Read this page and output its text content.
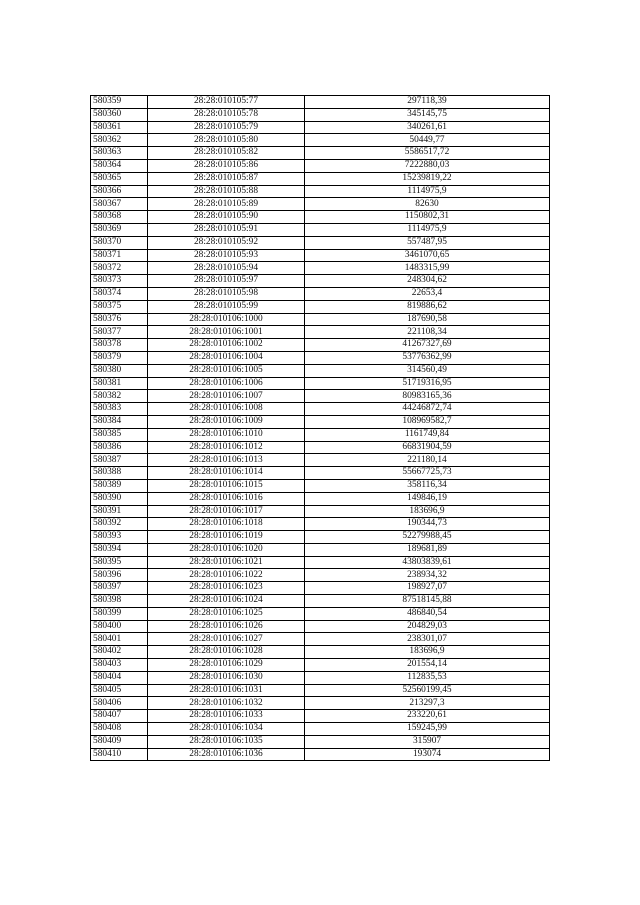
580359	28:28:010105:77	297118,39
580360	28:28:010105:78	345145,75
580361	28:28:010105:79	340261,61
580362	28:28:010105:80	50449,77
580363	28:28:010105:82	5586517,72
580364	28:28:010105:86	7222880,03
580365	28:28:010105:87	15239819,22
580366	28:28:010105:88	1114975,9
580367	28:28:010105:89	82630
580368	28:28:010105:90	1150802,31
580369	28:28:010105:91	1114975,9
580370	28:28:010105:92	557487,95
580371	28:28:010105:93	3461070,65
580372	28:28:010105:94	1483315,99
580373	28:28:010105:97	248304,62
580374	28:28:010105:98	22653,4
580375	28:28:010105:99	819886,62
580376	28:28:010106:1000	187690,58
580377	28:28:010106:1001	221108,34
580378	28:28:010106:1002	41267327,69
580379	28:28:010106:1004	53776362,99
580380	28:28:010106:1005	314560,49
580381	28:28:010106:1006	51719316,95
580382	28:28:010106:1007	80983165,36
580383	28:28:010106:1008	44246872,74
580384	28:28:010106:1009	108969582,7
580385	28:28:010106:1010	1161749,84
580386	28:28:010106:1012	66831904,59
580387	28:28:010106:1013	221180,14
580388	28:28:010106:1014	55667725,73
580389	28:28:010106:1015	358116,34
580390	28:28:010106:1016	149846,19
580391	28:28:010106:1017	183696,9
580392	28:28:010106:1018	190344,73
580393	28:28:010106:1019	52279988,45
580394	28:28:010106:1020	189681,89
580395	28:28:010106:1021	43803839,61
580396	28:28:010106:1022	238934,32
580397	28:28:010106:1023	198927,07
580398	28:28:010106:1024	87518145,88
580399	28:28:010106:1025	486840,54
580400	28:28:010106:1026	204829,03
580401	28:28:010106:1027	238301,07
580402	28:28:010106:1028	183696,9
580403	28:28:010106:1029	201554,14
580404	28:28:010106:1030	112835,53
580405	28:28:010106:1031	52560199,45
580406	28:28:010106:1032	213297,3
580407	28:28:010106:1033	233220,61
580408	28:28:010106:1034	159245,99
580409	28:28:010106:1035	315907
580410	28:28:010106:1036	193074
